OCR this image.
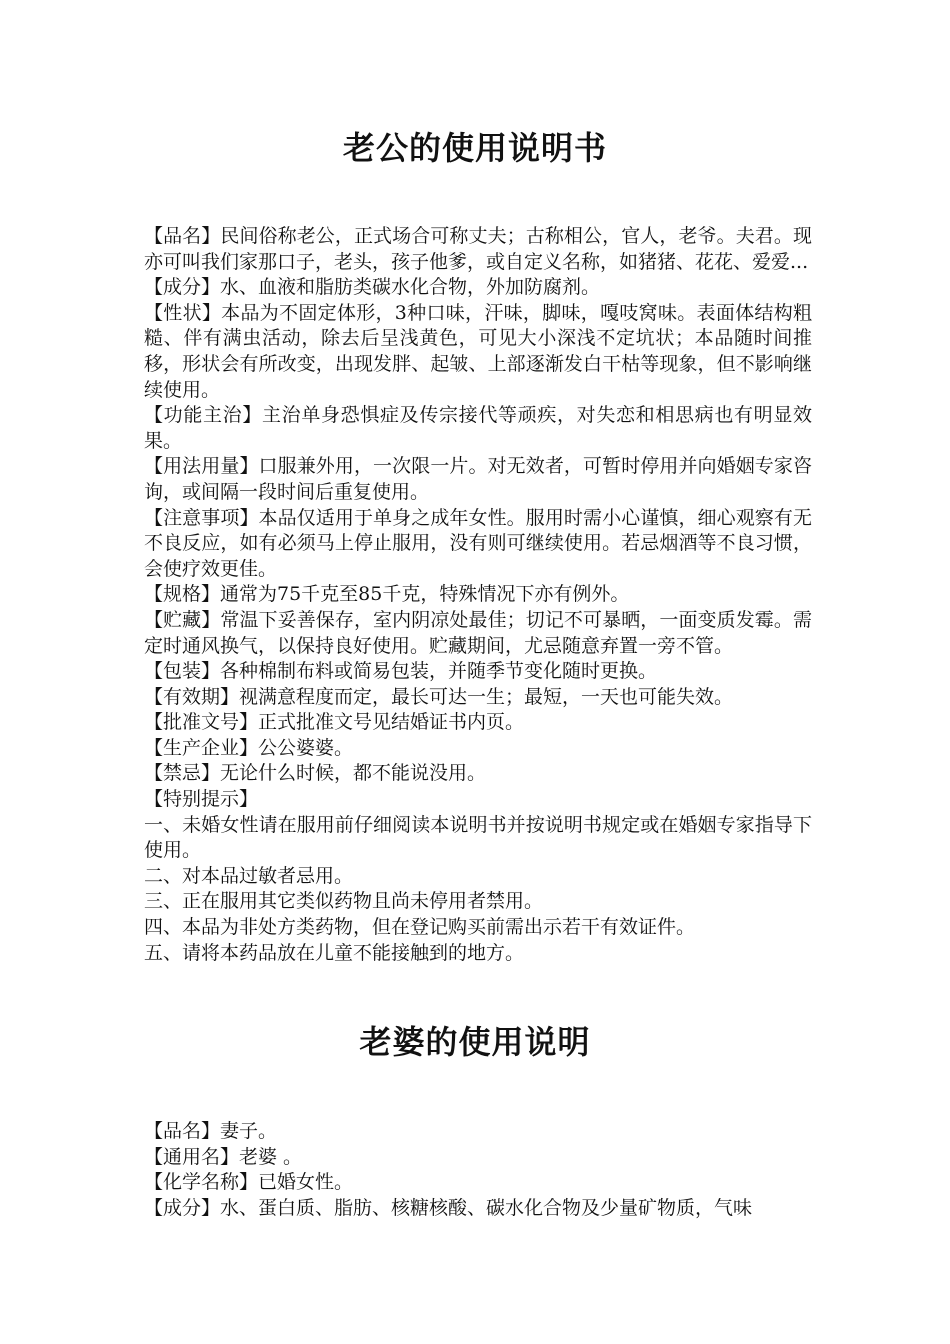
老公的使用说明书

【品名】民间俗称老公，正式场合可称丈夫；古称相公，官人，老爷。夫君。现亦可叫我们家那口子，老头，孩子他爹，或自定义名称，如猪猪、花花、爱爱...

【成分】水、血液和脂肪类碳水化合物，外加防腐剂。

【性状】本品为不固定体形，3种口味，汗味，脚味，嘎吱窝味。表面体结构粗糙、伴有满虫活动，除去后呈浅黄色，可见大小深浅不定坑状；本品随时间推移，形状会有所改变，出现发胖、起皱、上部逐渐发白干枯等现象，但不影响继续使用。

【功能主治】主治单身恐惧症及传宗接代等顽疾，对失恋和相思病也有明显效果。

【用法用量】口服兼外用，一次限一片。对无效者，可暂时停用并向婚姻专家咨询，或间隔一段时间后重复使用。

【注意事项】本品仅适用于单身之成年女性。服用时需小心谨慎，细心观察有无不良反应，如有必须马上停止服用，没有则可继续使用。若忌烟酒等不良习惯，会使疗效更佳。

【规格】通常为75千克至85千克，特殊情况下亦有例外。

【贮藏】常温下妥善保存，室内阴凉处最佳；切记不可暴晒，一面变质发霉。需定时通风换气，以保持良好使用。贮藏期间，尤忌随意弃置一旁不管。

【包装】各种棉制布料或简易包装，并随季节变化随时更换。

【有效期】视满意程度而定，最长可达一生；最短，一天也可能失效。

【批准文号】正式批准文号见结婚证书内页。

【生产企业】公公婆婆。

【禁忌】无论什么时候，都不能说没用。

【特别提示】

一、未婚女性请在服用前仔细阅读本说明书并按说明书规定或在婚姻专家指导下使用。

二、对本品过敏者忌用。

三、正在服用其它类似药物且尚未停用者禁用。

四、本品为非处方类药物，但在登记购买前需出示若干有效证件。

五、请将本药品放在儿童不能接触到的地方。

老婆的使用说明

【品名】妻子。

【通用名】老婆 。

【化学名称】已婚女性。

【成分】水、蛋白质、脂肪、核糖核酸、碳水化合物及少量矿物质，气味
